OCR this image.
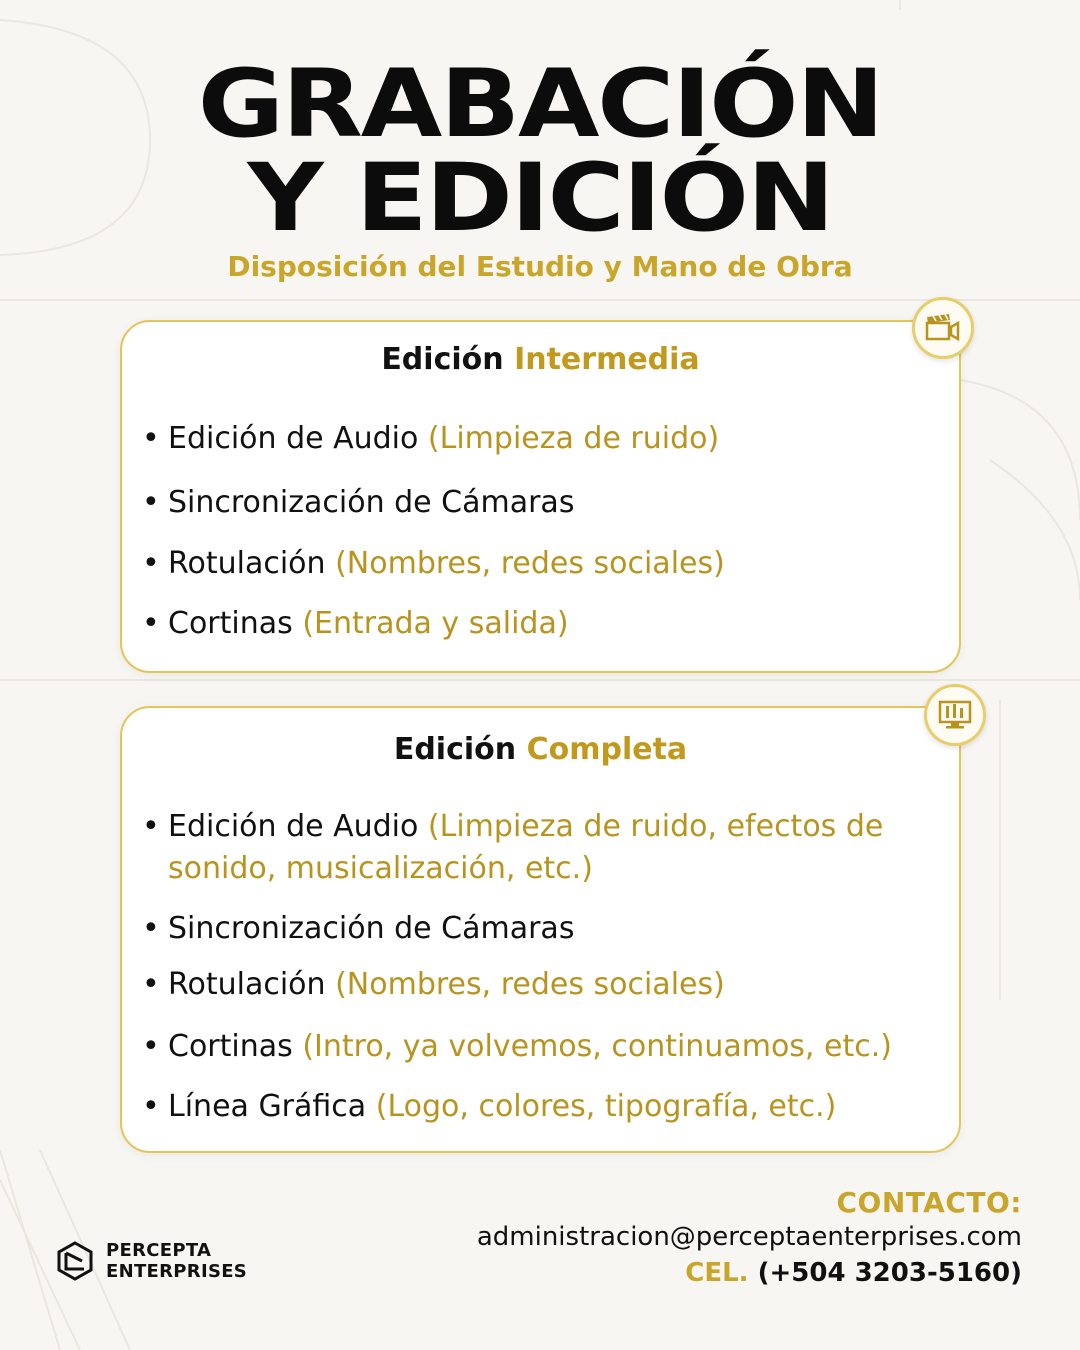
GRABACIÓN
Y EDICIÓN
Disposición del Estudio y Mano de Obra
Edición Intermedia
• Edición de Audio (Limpieza de ruido)
• Sincronización de Cámaras
• Rotulación (Nombres, redes sociales)
• Cortinas (Entrada y salida)
Edición Completa
• Edición de Audio (Limpieza de ruido, efectos de sonido, musicalización, etc.)
• Sincronización de Cámaras
• Rotulación (Nombres, redes sociales)
• Cortinas (Intro, ya volvemos, continuamos, etc.)
• Línea Gráfica (Logo, colores, tipografía, etc.)
CONTACTO:
administracion@perceptaenterprises.com
CEL. (+504 3203-5160)
PERCEPTA
ENTERPRISES
